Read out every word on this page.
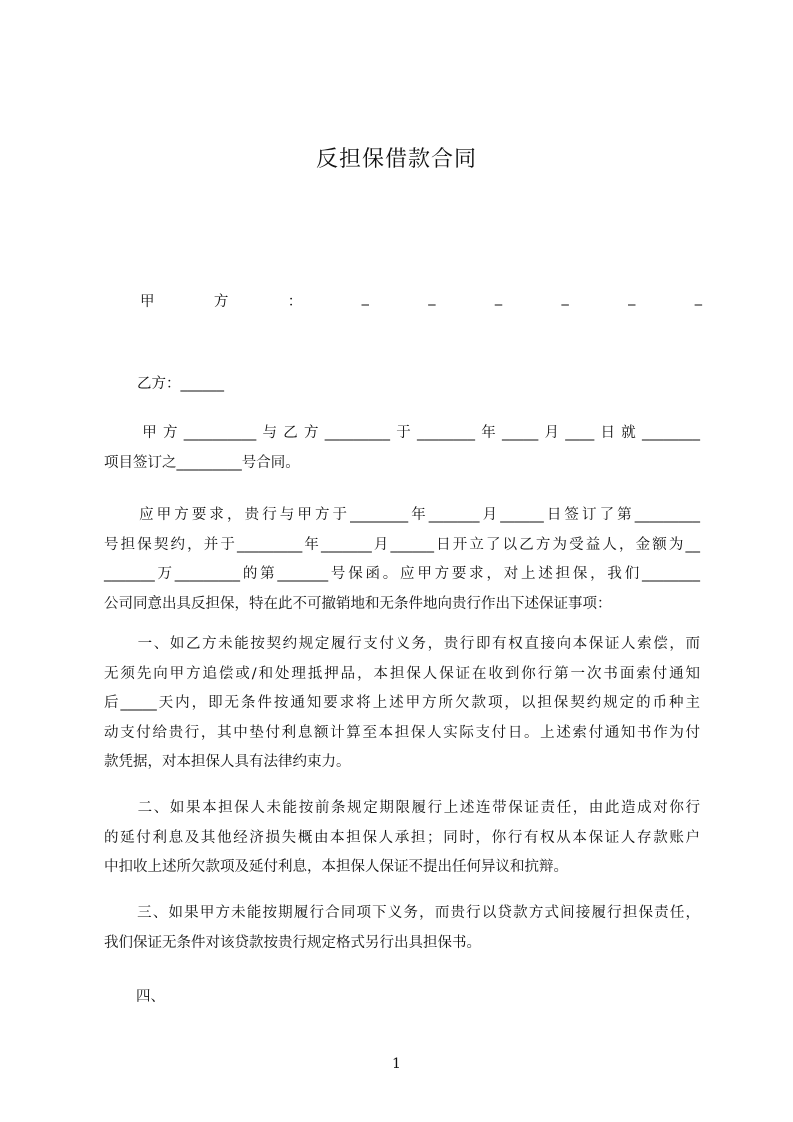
反担保借款合同
甲	方	：	_	_	_	_	_	_
乙方：______
甲方__________与乙方_________于________年_____月____日就________
项目签订之_________号合同。
应甲方要求，贵行与甲方于________年_______月______日签订了第_________
号担保契约，并于_________年_______月______日开立了以乙方为受益人，金额为__
_______万_________的第_______号保函。应甲方要求，对上述担保，我们________
公司同意出具反担保，特在此不可撤销地和无条件地向贵行作出下述保证事项：
一、如乙方未能按契约规定履行支付义务，贵行即有权直接向本保证人索偿，而
无须先向甲方追偿或/和处理抵押品，本担保人保证在收到你行第一次书面索付通知
后_____天内，即无条件按通知要求将上述甲方所欠款项，以担保契约规定的币种主
动支付给贵行，其中垫付利息额计算至本担保人实际支付日。上述索付通知书作为付
款凭据，对本担保人具有法律约束力。
二、如果本担保人未能按前条规定期限履行上述连带保证责任，由此造成对你行
的延付利息及其他经济损失概由本担保人承担；同时，你行有权从本保证人存款账户
中扣收上述所欠款项及延付利息，本担保人保证不提出任何异议和抗辩。
三、如果甲方未能按期履行合同项下义务，而贵行以贷款方式间接履行担保责任，
我们保证无条件对该贷款按贵行规定格式另行出具担保书。
四、
1
